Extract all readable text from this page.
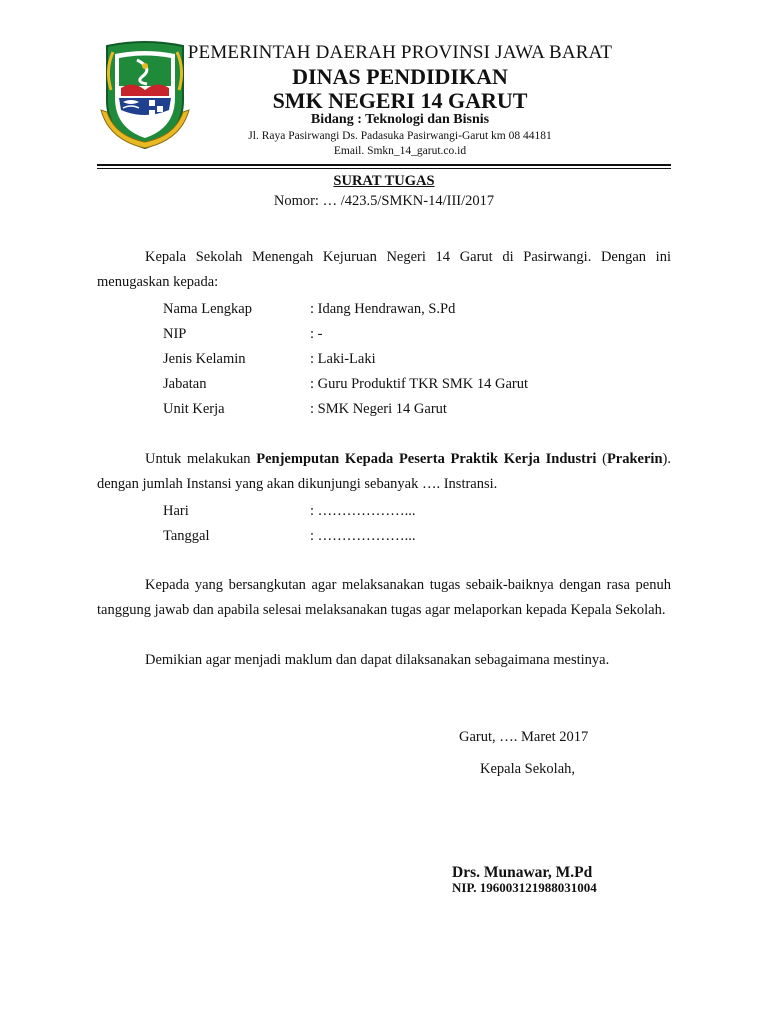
PEMERINTAH DAERAH PROVINSI JAWA BARAT
DINAS PENDIDIKAN
SMK NEGERI 14 GARUT
Bidang : Teknologi dan Bisnis
Jl. Raya Pasirwangi Ds. Padasuka Pasirwangi-Garut km 08 44181
Email. Smkn_14_garut.co.id
SURAT TUGAS
Nomor: … /423.5/SMKN-14/III/2017
Kepala Sekolah Menengah Kejuruan Negeri 14 Garut di Pasirwangi. Dengan ini menugaskan kepada:
Nama Lengkap	: Idang Hendrawan, S.Pd
NIP	: -
Jenis Kelamin	: Laki-Laki
Jabatan	: Guru Produktif TKR SMK 14 Garut
Unit Kerja	: SMK Negeri 14 Garut
Untuk melakukan Penjemputan Kepada Peserta Praktik Kerja Industri (Prakerin). dengan jumlah Instansi yang akan dikunjungi sebanyak …. Instransi.
Hari	: ………………...
Tanggal	: ………………...
Kepada yang bersangkutan agar melaksanakan tugas sebaik-baiknya dengan rasa penuh tanggung jawab dan apabila selesai melaksanakan tugas agar melaporkan kepada Kepala Sekolah.
Demikian agar menjadi maklum dan dapat dilaksanakan sebagaimana mestinya.
Garut, …. Maret 2017
Kepala Sekolah,
Drs. Munawar, M.Pd
NIP. 196003121988031004
